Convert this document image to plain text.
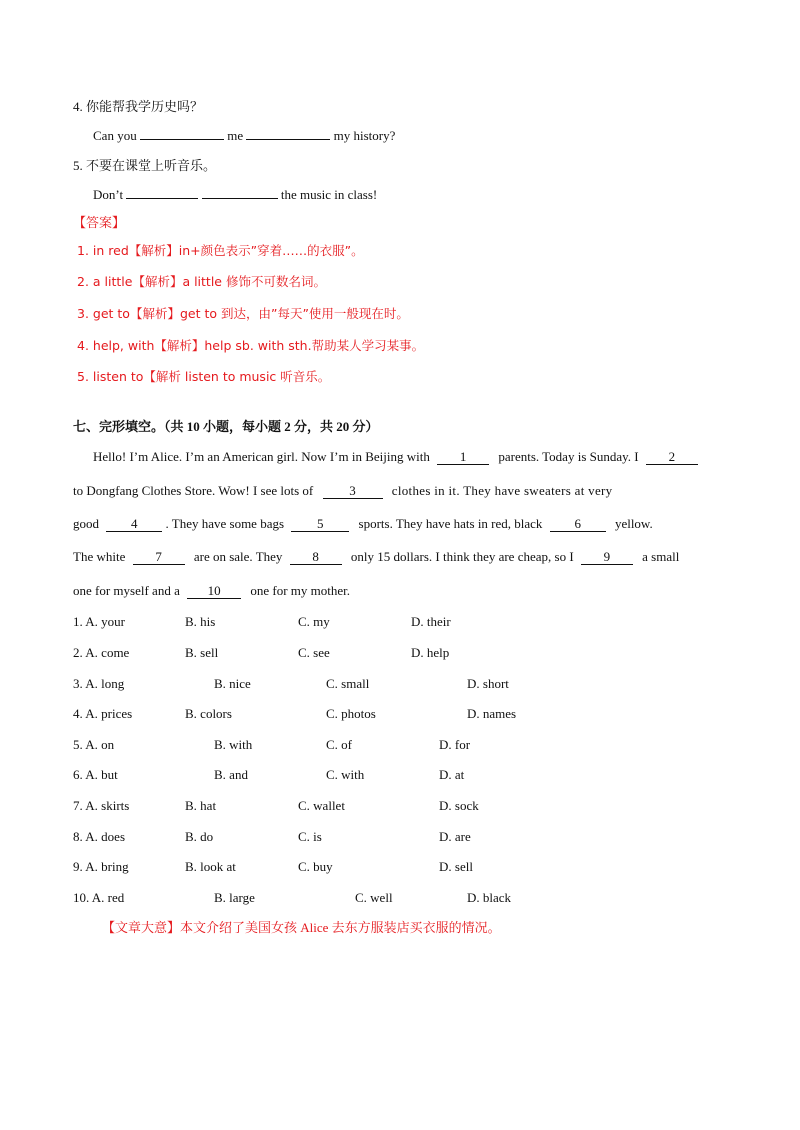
4. 你能帮我学历史吗？
Can you	me	my history?
5. 不要在课堂上听音乐。
Don’t	the music in class!
【答案】
1. in red【解析】in+颜色表示”穿着……的衣服”。
2. a little【解析】a little 修饰不可数名词。
3. get to【解析】get to 到达，由”每天”使用一般现在时。
4. help, with【解析】help sb. with sth.帮助某人学习某事。
5. listen to【解析 listen to music 听音乐。
七、完形填空。（共 10 小题，每小题 2 分，共 20 分）
Hello! I’m Alice. I’m an American girl. Now I’m in Beijing with 1 parents. Today is Sunday. I 2
to Dongfang Clothes Store. Wow! I see lots of	3	clothes in it. They have sweaters at very
good 4 . They have some bags	5	sports. They have hats in red, black 6	yellow.
The white 7 are on sale. They 8 only 15 dollars. I think they are cheap, so I 9 a small
one for myself and a 10 one for my mother.
1. A. your	B. his	C. my	D. their
2. A. come	B. sell	C. see	D. help
3. A. long	B. nice	C. small	D. short
4. A. prices	B. colors	C. photos	D. names
5. A. on	B. with	C. of	D. for
6. A. but	B. and	C. with	D. at
7. A. skirts	B. hat	C. wallet	D. sock
8. A. does	B. do	C. is	D. are
9. A. bring	B. look at	C. buy	D. sell
10. A. red	B. large	C. well	D. black
【文章大意】本文介绍了美国女孩 Alice 去东方服装店买衣服的情况。
